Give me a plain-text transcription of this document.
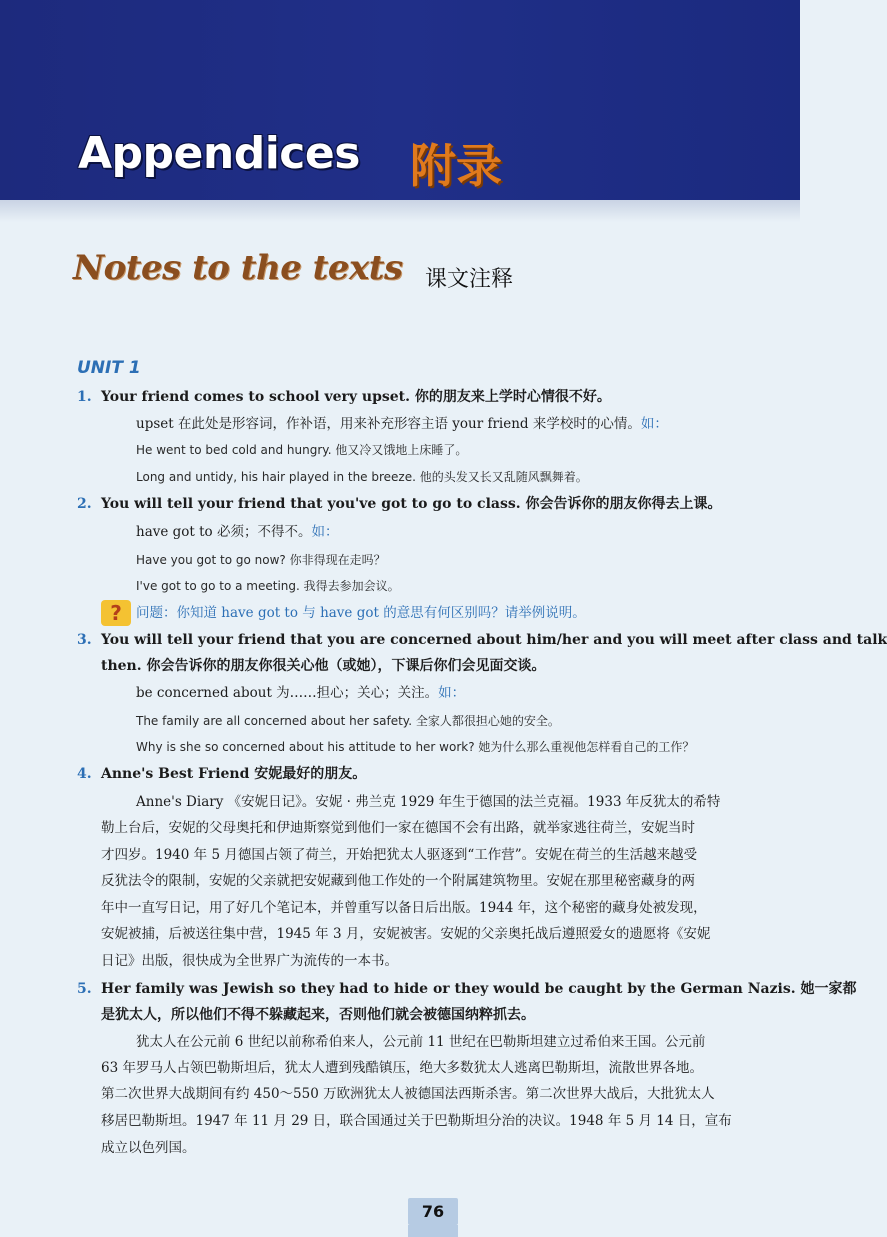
Appendices 附录
Notes to the texts 课文注释
UNIT 1
1. Your friend comes to school very upset. 你的朋友来上学时心情很不好。
upset 在此处是形容词，作补语，用来补充形容主语 your friend 来学校时的心情。如：
He went to bed cold and hungry. 他又冷又饿地上床睡了。
Long and untidy, his hair played in the breeze. 他的头发又长又乱随风飘舞着。
2. You will tell your friend that you've got to go to class. 你会告诉你的朋友你得去上课。
have got to 必须；不得不。如：
Have you got to go now? 你非得现在走吗？
I've got to go to a meeting. 我得去参加会议。
?	问题：你知道 have got to 与 have got 的意思有何区别吗？请举例说明。
3. You will tell your friend that you are concerned about him/her and you will meet after class and talk
then. 你会告诉你的朋友你很关心他（或她），下课后你们会见面交谈。
be concerned about 为……担心；关心；关注。如：
The family are all concerned about her safety. 全家人都很担心她的安全。
Why is she so concerned about his attitude to her work? 她为什么那么重视他怎样看自己的工作？
4. Anne's Best Friend 安妮最好的朋友。
Anne's Diary 《安妮日记》。安妮 · 弗兰克 1929 年生于德国的法兰克福。1933 年反犹太的希特
勒上台后，安妮的父母奥托和伊迪斯察觉到他们一家在德国不会有出路，就举家逃往荷兰，安妮当时
才四岁。1940 年 5 月德国占领了荷兰，开始把犹太人驱逐到“工作营”。安妮在荷兰的生活越来越受
反犹法令的限制，安妮的父亲就把安妮藏到他工作处的一个附属建筑物里。安妮在那里秘密藏身的两
年中一直写日记，用了好几个笔记本，并曾重写以备日后出版。1944 年，这个秘密的藏身处被发现，
安妮被捕，后被送往集中营，1945 年 3 月，安妮被害。安妮的父亲奥托战后遵照爱女的遗愿将《安妮
日记》出版，很快成为全世界广为流传的一本书。
5. Her family was Jewish so they had to hide or they would be caught by the German Nazis. 她一家都
是犹太人，所以他们不得不躲藏起来，否则他们就会被德国纳粹抓去。
犹太人在公元前 6 世纪以前称希伯来人，公元前 11 世纪在巴勒斯坦建立过希伯来王国。公元前
63 年罗马人占领巴勒斯坦后，犹太人遭到残酷镇压，绝大多数犹太人逃离巴勒斯坦，流散世界各地。
第二次世界大战期间有约 450～550 万欧洲犹太人被德国法西斯杀害。第二次世界大战后，大批犹太人
移居巴勒斯坦。1947 年 11 月 29 日，联合国通过关于巴勒斯坦分治的决议。1948 年 5 月 14 日，宣布
成立以色列国。
76
